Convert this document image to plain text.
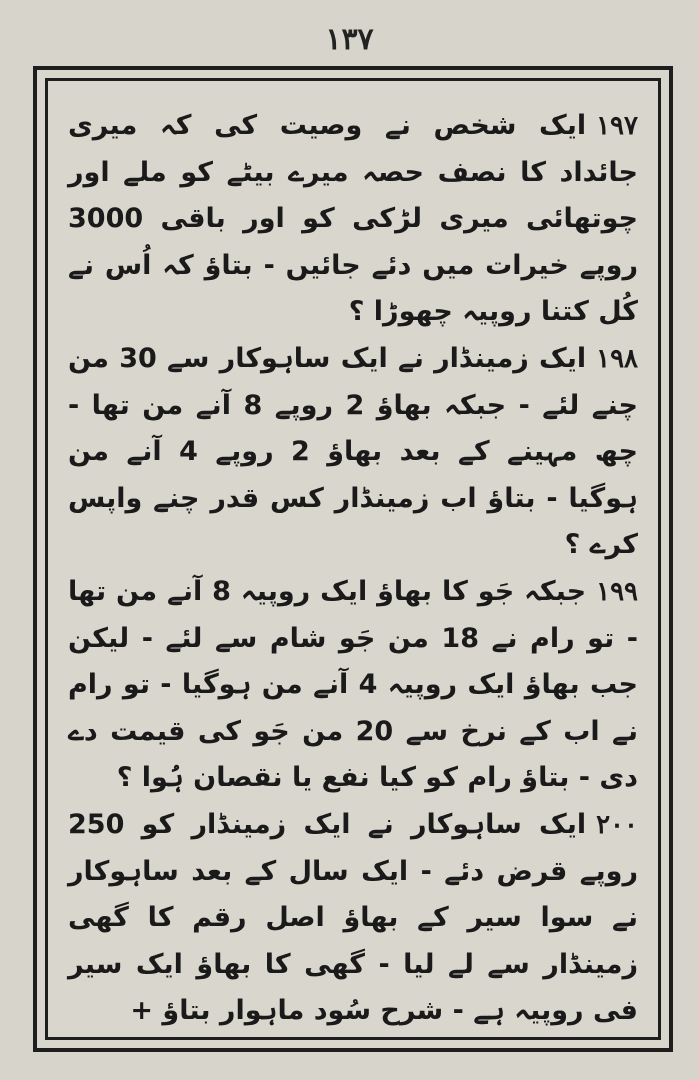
۱۳۷

۱۹۷ایک شخص نے وصیت کی کہ میری جائداد کا نصف حصہ میرے بیٹے کو ملے اور چوتھائی میری لڑکی کو اور باقی 3000 روپے خیرات میں دئے جائیں - بتاؤ کہ اُس نے کُل کتنا روپیہ چھوڑا ؟

۱۹۸ایک زمینڈار نے ایک ساہوکار سے 30 من چنے لئے - جبکہ بھاؤ 2 روپے 8 آنے من تھا - چھ مہینے کے بعد بھاؤ 2 روپے 4 آنے من ہوگیا - بتاؤ اب زمینڈار کس قدر چنے واپس کرے ؟

۱۹۹جبکہ جَو کا بھاؤ ایک روپیہ 8 آنے من تھا - تو رام نے 18 من جَو شام سے لئے - لیکن جب بھاؤ ایک روپیہ 4 آنے من ہوگیا - تو رام نے اب کے نرخ سے 20 من جَو کی قیمت دے دی - بتاؤ رام کو کیا نفع یا نقصان ہُوا ؟

۲۰۰ایک ساہوکار نے ایک زمینڈار کو 250 روپے قرض دئے - ایک سال کے بعد ساہوکار نے سوا سیر کے بھاؤ اصل رقم کا گھی زمینڈار سے لے لیا - گھی کا بھاؤ ایک سیر فی روپیہ ہے - شرح سُود ماہوار بتاؤ +
